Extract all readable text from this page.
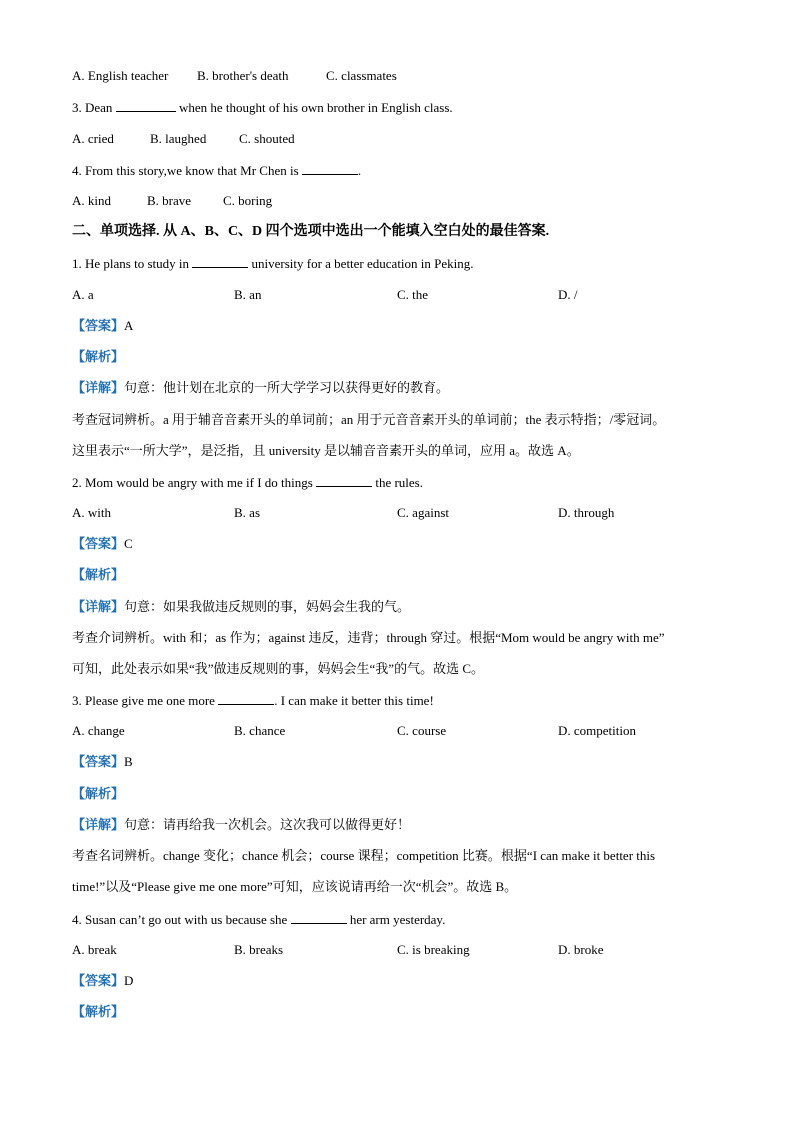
A. English teacher B. brother's death	C. classmates
3. Dean	when he thought of his own brother in English class.
A. cried	B. laughed	C. shouted
4. From this story,we know that Mr Chen is	.
A. kind	B. brave C. boring
二、单项选择. 从 A、B、C、D 四个选项中选出一个能填入空白处的最佳答案.
1. He plans to study in	university for a better education in Peking.
A. a	B. an	C. the	D. /
【答案】A
【解析】
【详解】句意：他计划在北京的一所大学学习以获得更好的教育。
考查冠词辨析。a 用于辅音音素开头的单词前；an 用于元音音素开头的单词前；the 表示特指；/零冠词。
这里表示“一所大学”，是泛指，且 university 是以辅音音素开头的单词，应用 a。故选 A。
2. Mom would be angry with me if I do things	the rules.
A. with	B. as	C. against	D. through
【答案】C
【解析】
【详解】句意：如果我做违反规则的事，妈妈会生我的气。
考查介词辨析。with 和；as 作为；against 违反，违背；through 穿过。根据“Mom would be angry with me”
可知，此处表示如果“我”做违反规则的事，妈妈会生“我”的气。故选 C。
3. Please give me one more	. I can make it better this time!
A. change	B. chance	C. course	D. competition
【答案】B
【解析】
【详解】句意：请再给我一次机会。这次我可以做得更好！
考查名词辨析。change 变化；chance 机会；course 课程；competition 比赛。根据“I can make it better this
time!”以及“Please give me one more”可知，应该说请再给一次“机会”。故选 B。
4. Susan can’t go out with us because she	her arm yesterday.
A. break	B. breaks	C. is breaking	D. broke
【答案】D
【解析】
